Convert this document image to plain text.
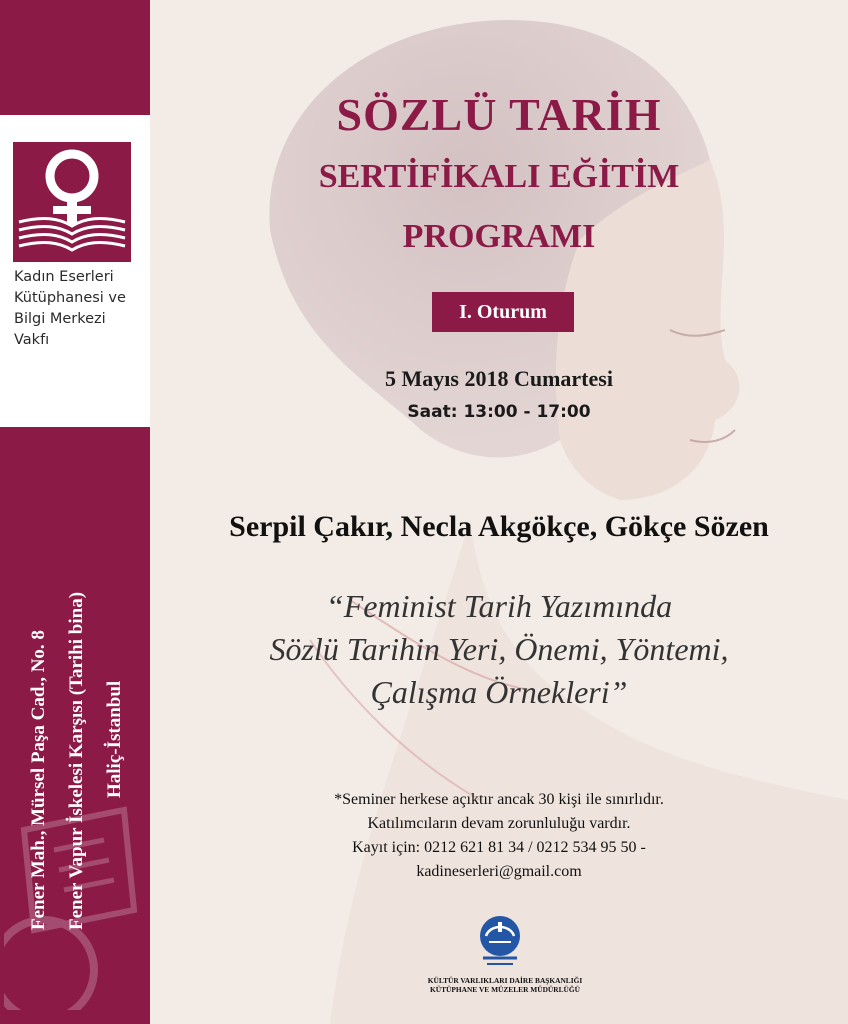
Kadın Eserleri
Kütüphanesi ve
Bilgi Merkezi
Vakfı
Fener Mah., Mürsel Paşa Cad., No. 8 Fener Vapur İskelesi Karşısı (Tarihi bina) Haliç-İstanbul
SÖZLÜ TARİH
SERTİFİKALI EĞİTİM
PROGRAMI
I. Oturum
5 Mayıs 2018 Cumartesi
Saat: 13:00 - 17:00
Serpil Çakır, Necla Akgökçe, Gökçe Sözen
“Feminist Tarih Yazımında
Sözlü Tarihin Yeri, Önemi, Yöntemi,
Çalışma Örnekleri”
*Seminer herkese açıktır ancak 30 kişi ile sınırlıdır.
Katılımcıların devam zorunluluğu vardır.
Kayıt için: 0212 621 81 34 / 0212 534 95 50 -
kadineserleri@gmail.com
KÜLTÜR VARLIKLARI DAİRE BAŞKANLIĞI
KÜTÜPHANE VE MÜZELER MÜDÜRLÜĞÜ
